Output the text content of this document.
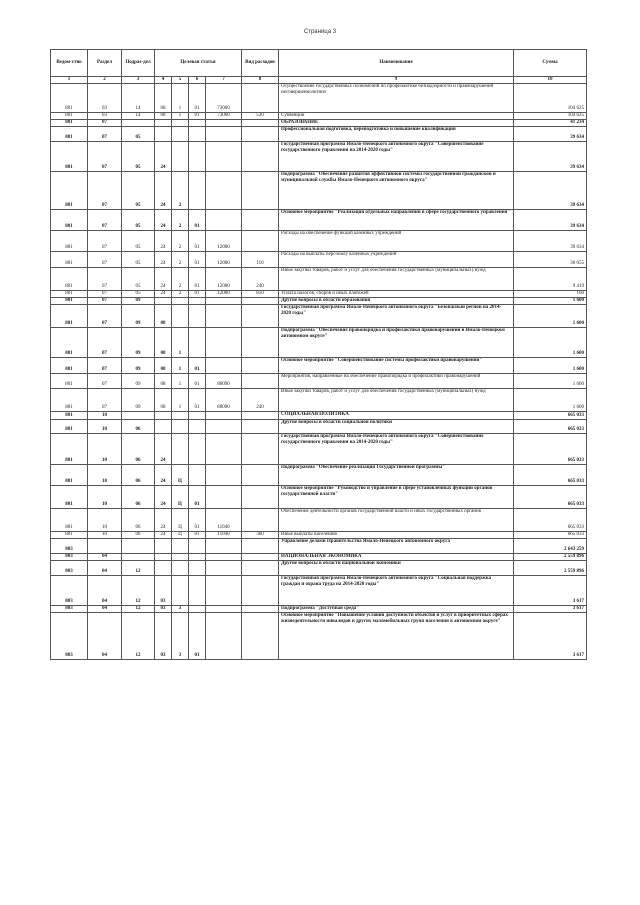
Страница 3
Ведом-ство	Раздел	Подраз-дел	Целевая статья				Вид расходов	Наименование	Сумма
1	2	3	4	5	6	7	8	9	10
801	03	14	08	1	01	73060		Осуществление государственных полномочий по профилактике безнадзорности и правонарушений несовершеннолетних	104 625
801	03	14	08	1	01	73060	530	Субвенции	104 625
801	07							ОБРАЗОВАНИЕ	41 234
801	07	05						Профессиональная подготовка, переподготовка и повышение квалификации	39 634
801	07	05	24					Государственная программа Ямало-Ненецкого автономного округа "Совершенствование государственного управления на 2014-2020 годы"	39 634
801	07	05	24	2				Подпрограмма "Обеспечение развития эффективной системы государственной гражданской и муниципальной службы Ямало-Ненецкого автономного округа"	39 634
801	07	05	24	2	01			Основное мероприятие "Реализация отдельных направлений в сфере государственного управления"	39 634
801	07	05	24	2	01	12000		Расходы на обеспечение функций казенных учреждений	39 634
801	07	05	24	2	01	12000	110	Расходы на выплаты персоналу казенных учреждений	30 055
801	07	05	24	2	01	12000	240	Иные закупки товаров, работ и услуг для обеспечения государственных (муниципальных) нужд	9 419
801	07	05	24	2	01	12000	850	Уплата налогов, сборов и иных платежей	160
801	07	09						Другие вопросы в области образования	1 600
801	07	09	08					Государственная программа Ямало-Ненецкого автономного округа "Безопасный регион на 2014-2020 годы"	1 600
801	07	09	08	1				Подпрограмма "Обеспечение правопорядка и профилактики правонарушений в Ямало-Ненецком автономном округе"	1 600
801	07	09	08	1	01			Основное мероприятие "Совершенствование системы профилактики правонарушений"	1 600
801	07	09	08	1	01	80090		Мероприятия, направленные на обеспечение правопорядка и профилактики правонарушений	1 600
801	07	09	08	1	01	80090	240	Иные закупки товаров, работ и услуг для обеспечения государственных (муниципальных) нужд	1 600
801	10							СОЦИАЛЬНАЯ ПОЛИТИКА	665 033
801	10	06						Другие вопросы в области социальной политики	665 033
801	10	06	24					Государственная программа Ямало-Ненецкого автономного округа "Совершенствование государственного управления на 2014-2020 годы"	665 033
801	10	06	24	Ц				Подпрограмма "Обеспечение реализации Государственной программы"	665 033
801	10	06	24	Ц	01			Основное мероприятие "Руководство и управление в сфере установленных функций органов государственной власти"	665 033
801	10	06	24	Ц	01	11040		Обеспечение деятельности органов государственной власти и иных государственных органов	665 033
801	10	06	24	Ц	01	11040	360	Иные выплаты населению	665 033
803								Управление делами Правительства Ямало-Ненецкого автономного округа	2 643 259
803	04							НАЦИОНАЛЬНАЯ ЭКОНОМИКА	2 559 896
803	04	12						Другие вопросы в области национальной экономики	2 559 896
803	04	12	03					Государственная программа Ямало-Ненецкого автономного округа "Социальная поддержка граждан и охрана труда на 2014-2020 годы"	3 617
803	04	12	03	3				Подпрограмма "Доступная среда"	3 617
803	04	12	03	3	01			Основное мероприятие "Повышение условий доступности объектов и услуг в приоритетных сферах жизнедеятельности инвалидов и других маломобильных групп населения в автономном округе"	3 617
